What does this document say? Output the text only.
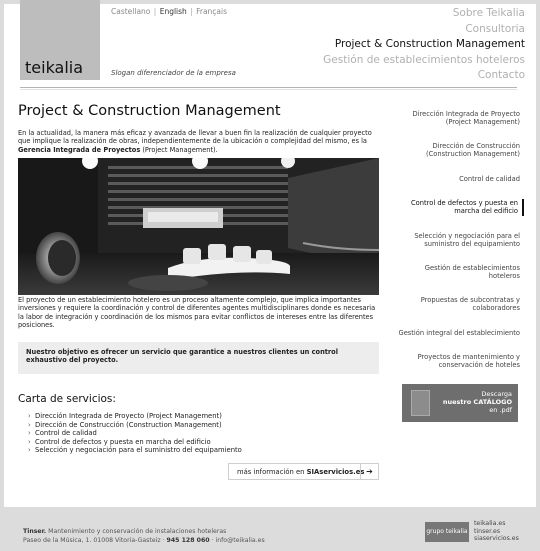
teikalia
Castellano | English | Français
Slogan diferenciador de la empresa
Sobre Teikalia
Consultoria
Project & Construction Management
Gestión de establecimientos hoteleros
Contacto
Project & Construction Management
En la actualidad, la manera más eficaz y avanzada de llevar a buen fin la realización de cualquier proyecto que implique la realización de obras, independientemente de la ubicación o complejidad del mismo, es la Gerencia Integrada de Proyectos (Project Management).
El proyecto de un establecimiento hotelero es un proceso altamente complejo, que implica importantes inversiones y requiere la coordinación y control de diferentes agentes multidisciplinares donde es necesaria la labor de integración y coordinación de los mismos para evitar conflictos de intereses entre las diferentes posiciones.
Nuestro objetivo es ofrecer un servicio que garantice a nuestros clientes un control exhaustivo del proyecto.
Carta de servicios:
› Dirección Integrada de Proyecto (Project Management)
› Dirección de Construcción (Construction Management)
› Control de calidad
› Control de defectos y puesta en marcha del edificio
› Selección y negociación para el suministro del equipamiento
más información en SIAservicios.es ➔
Dirección Integrada de Proyecto
(Project Management)
Dirección de Construcción
(Construction Management)
Control de calidad
Control de defectos y puesta en
marcha del edificio
Selección y negociación para el
suministro del equipamiento
Gestión de establecimientos
hoteleros
Propuestas de subcontratas y
colaboradores
Gestión integral del establecimiento
Proyectos de mantenimiento y
conservación de hoteles
Descarga
nuestro CATÁLOGO
en .pdf
Tinser. Mantenimiento y conservación de instalaciones hoteleras
Paseo de la Música, 1. 01008 Vitoria-Gasteiz · 945 128 060 · info@teikalia.es
grupo teikalia
teikalia.es
tinser.es
siaservicios.es
